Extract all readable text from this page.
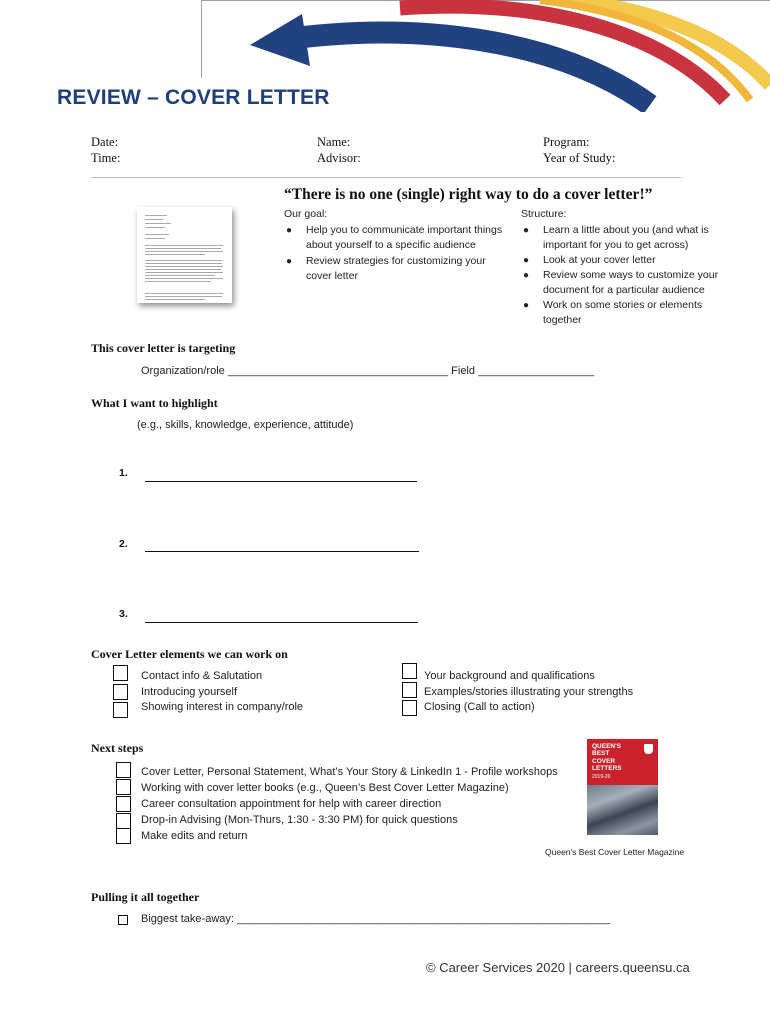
REVIEW – COVER LETTER
Date:
Time:
Name:
Advisor:
Program:
Year of Study:
“There is no one (single) right way to do a cover letter!”
Our goal:
● Help you to communicate important things about yourself to a specific audience
● Review strategies for customizing your cover letter
Structure:
● Learn a little about you (and what is important for you to get across)
● Look at your cover letter
● Review some ways to customize your document for a particular audience
● Work on some stories or elements together
This cover letter is targeting
Organization/role ____________________________________ Field ___________________
What I want to highlight
(e.g., skills, knowledge, experience, attitude)
1.
2.
3.
Cover Letter elements we can work on
Contact info & Salutation
Introducing yourself
Showing interest in company/role
Your background and qualifications
Examples/stories illustrating your strengths
Closing (Call to action)
Next steps
Cover Letter, Personal Statement, What’s Your Story & LinkedIn 1 - Profile workshops
Working with cover letter books (e.g., Queen’s Best Cover Letter Magazine)
Career consultation appointment for help with career direction
Drop-in Advising (Mon-Thurs, 1:30 - 3:30 PM) for quick questions
Make edits and return
QUEEN'S BEST COVER LETTERS
2019-20
Queen's Best Cover Letter Magazine
Pulling it all together
Biggest take-away: _____________________________________________________________
© Career Services 2020 | careers.queensu.ca
